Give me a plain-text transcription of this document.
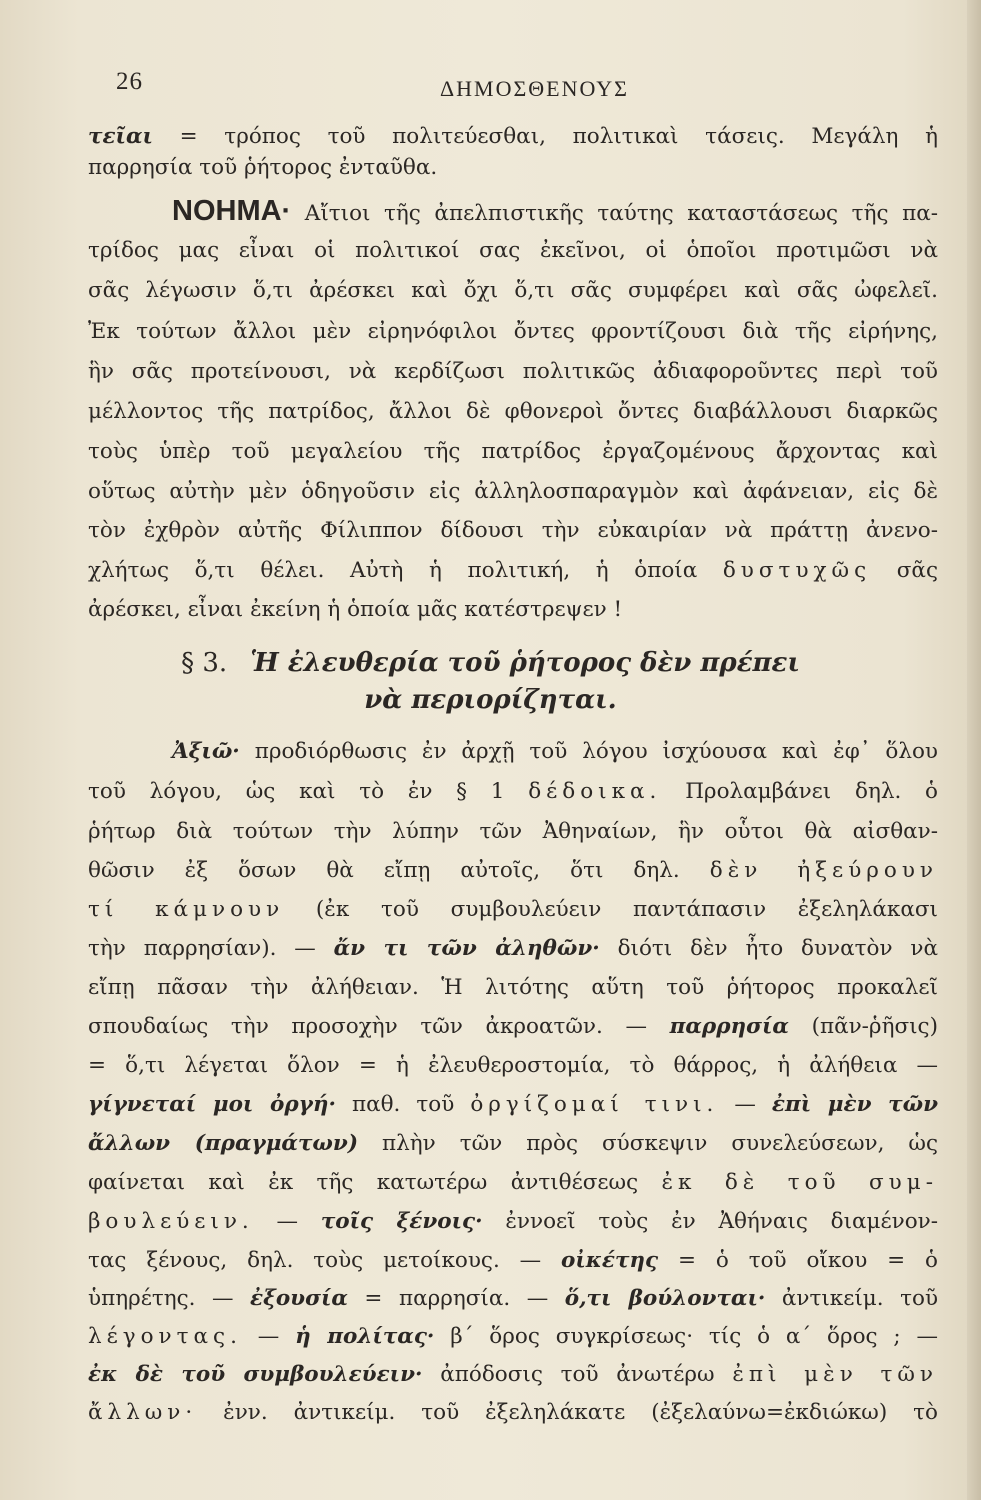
26	ΔΗΜΟΣΘΕΝΟΥΣ
τεῖαι = τρόπος τοῦ πολιτεύεσθαι, πολιτικαὶ τάσεις. Μεγάλη ἡ
παρρησία τοῦ ῥήτορος ἐνταῦθα.
ΝΟΗΜΑ· Αἴτιοι τῆς ἀπελπιστικῆς ταύτης καταστάσεως τῆς πα-
τρίδος μας εἶναι οἱ πολιτικοί σας ἐκεῖνοι, οἱ ὁποῖοι προτιμῶσι νὰ
σᾶς λέγωσιν ὅ,τι ἀρέσκει καὶ ὄχι ὅ,τι σᾶς συμφέρει καὶ σᾶς ὠφελεῖ.
Ἐκ τούτων ἄλλοι μὲν εἰρηνόφιλοι ὄντες φροντίζουσι διὰ τῆς εἰρήνης,
ἣν σᾶς προτείνουσι, νὰ κερδίζωσι πολιτικῶς ἀδιαφοροῦντες περὶ τοῦ
μέλλοντος τῆς πατρίδος, ἄλλοι δὲ φθονεροὶ ὄντες διαβάλλουσι διαρκῶς
τοὺς ὑπὲρ τοῦ μεγαλείου τῆς πατρίδος ἐργαζομένους ἄρχοντας καὶ
οὕτως αὐτὴν μὲν ὁδηγοῦσιν εἰς ἀλληλοσπαραγμὸν καὶ ἀφάνειαν, εἰς δὲ
τὸν ἐχθρὸν αὐτῆς Φίλιππον δίδουσι τὴν εὐκαιρίαν νὰ πράττῃ ἀνενο-
χλήτως ὅ,τι θέλει. Αὐτὴ ἡ πολιτική, ἡ ὁποία δυστυχῶς σᾶς
ἀρέσκει, εἶναι ἐκείνη ἡ ὁποία μᾶς κατέστρεψεν !
§ 3. Ἡ ἐλευθερία τοῦ ῥήτορος δὲν πρέπει
νὰ περιορίζηται.
Ἀξιῶ· προδιόρθωσις ἐν ἀρχῇ τοῦ λόγου ἰσχύουσα καὶ ἐφ᾿ ὅλου
τοῦ λόγου, ὡς καὶ τὸ ἐν § 1 δέδοικα. Προλαμβάνει δηλ. ὁ
ῥήτωρ διὰ τούτων τὴν λύπην τῶν Ἀθηναίων, ἣν οὗτοι θὰ αἰσθαν-
θῶσιν ἐξ ὅσων θὰ εἴπῃ αὐτοῖς, ὅτι δηλ. δὲν ἠξεύρουν
τί κάμνουν (ἐκ τοῦ συμβουλεύειν παντάπασιν ἐξεληλάκασι
τὴν παρρησίαν). — ἄν τι τῶν ἀληθῶν· διότι δὲν ἦτο δυνατὸν νὰ
εἴπῃ πᾶσαν τὴν ἀλήθειαν. Ἡ λιτότης αὕτη τοῦ ῥήτορος προκαλεῖ
σπουδαίως τὴν προσοχὴν τῶν ἀκροατῶν. — παρρησία (πᾶν-ῥῆσις)
= ὅ,τι λέγεται ὅλον = ἡ ἐλευθεροστομία, τὸ θάρρος, ἡ ἀλήθεια —
γίγνεταί μοι ὀργή· παθ. τοῦ ὀργίζομαί τινι. — ἐπὶ μὲν τῶν
ἄλλων (πραγμάτων) πλὴν τῶν πρὸς σύσκεψιν συνελεύσεων, ὡς
φαίνεται καὶ ἐκ τῆς κατωτέρω ἀντιθέσεως ἐκ δὲ τοῦ συμ-
βουλεύειν. — τοῖς ξένοις· ἐννοεῖ τοὺς ἐν Ἀθήναις διαμένον-
τας ξένους, δηλ. τοὺς μετοίκους. — οἰκέτης = ὁ τοῦ οἴκου = ὁ
ὑπηρέτης. — ἐξουσία = παρρησία. — ὅ,τι βούλονται· ἀντικείμ. τοῦ
λέγοντας. — ἡ πολίτας· β΄ ὅρος συγκρίσεως· τίς ὁ α΄ ὅρος ; —
ἐκ δὲ τοῦ συμβουλεύειν· ἀπόδοσις τοῦ ἀνωτέρω ἐπὶ μὲν τῶν
ἄλλων· ἐνν. ἀντικείμ. τοῦ ἐξεληλάκατε (ἐξελαύνω=ἐκδιώκω) τὸ
